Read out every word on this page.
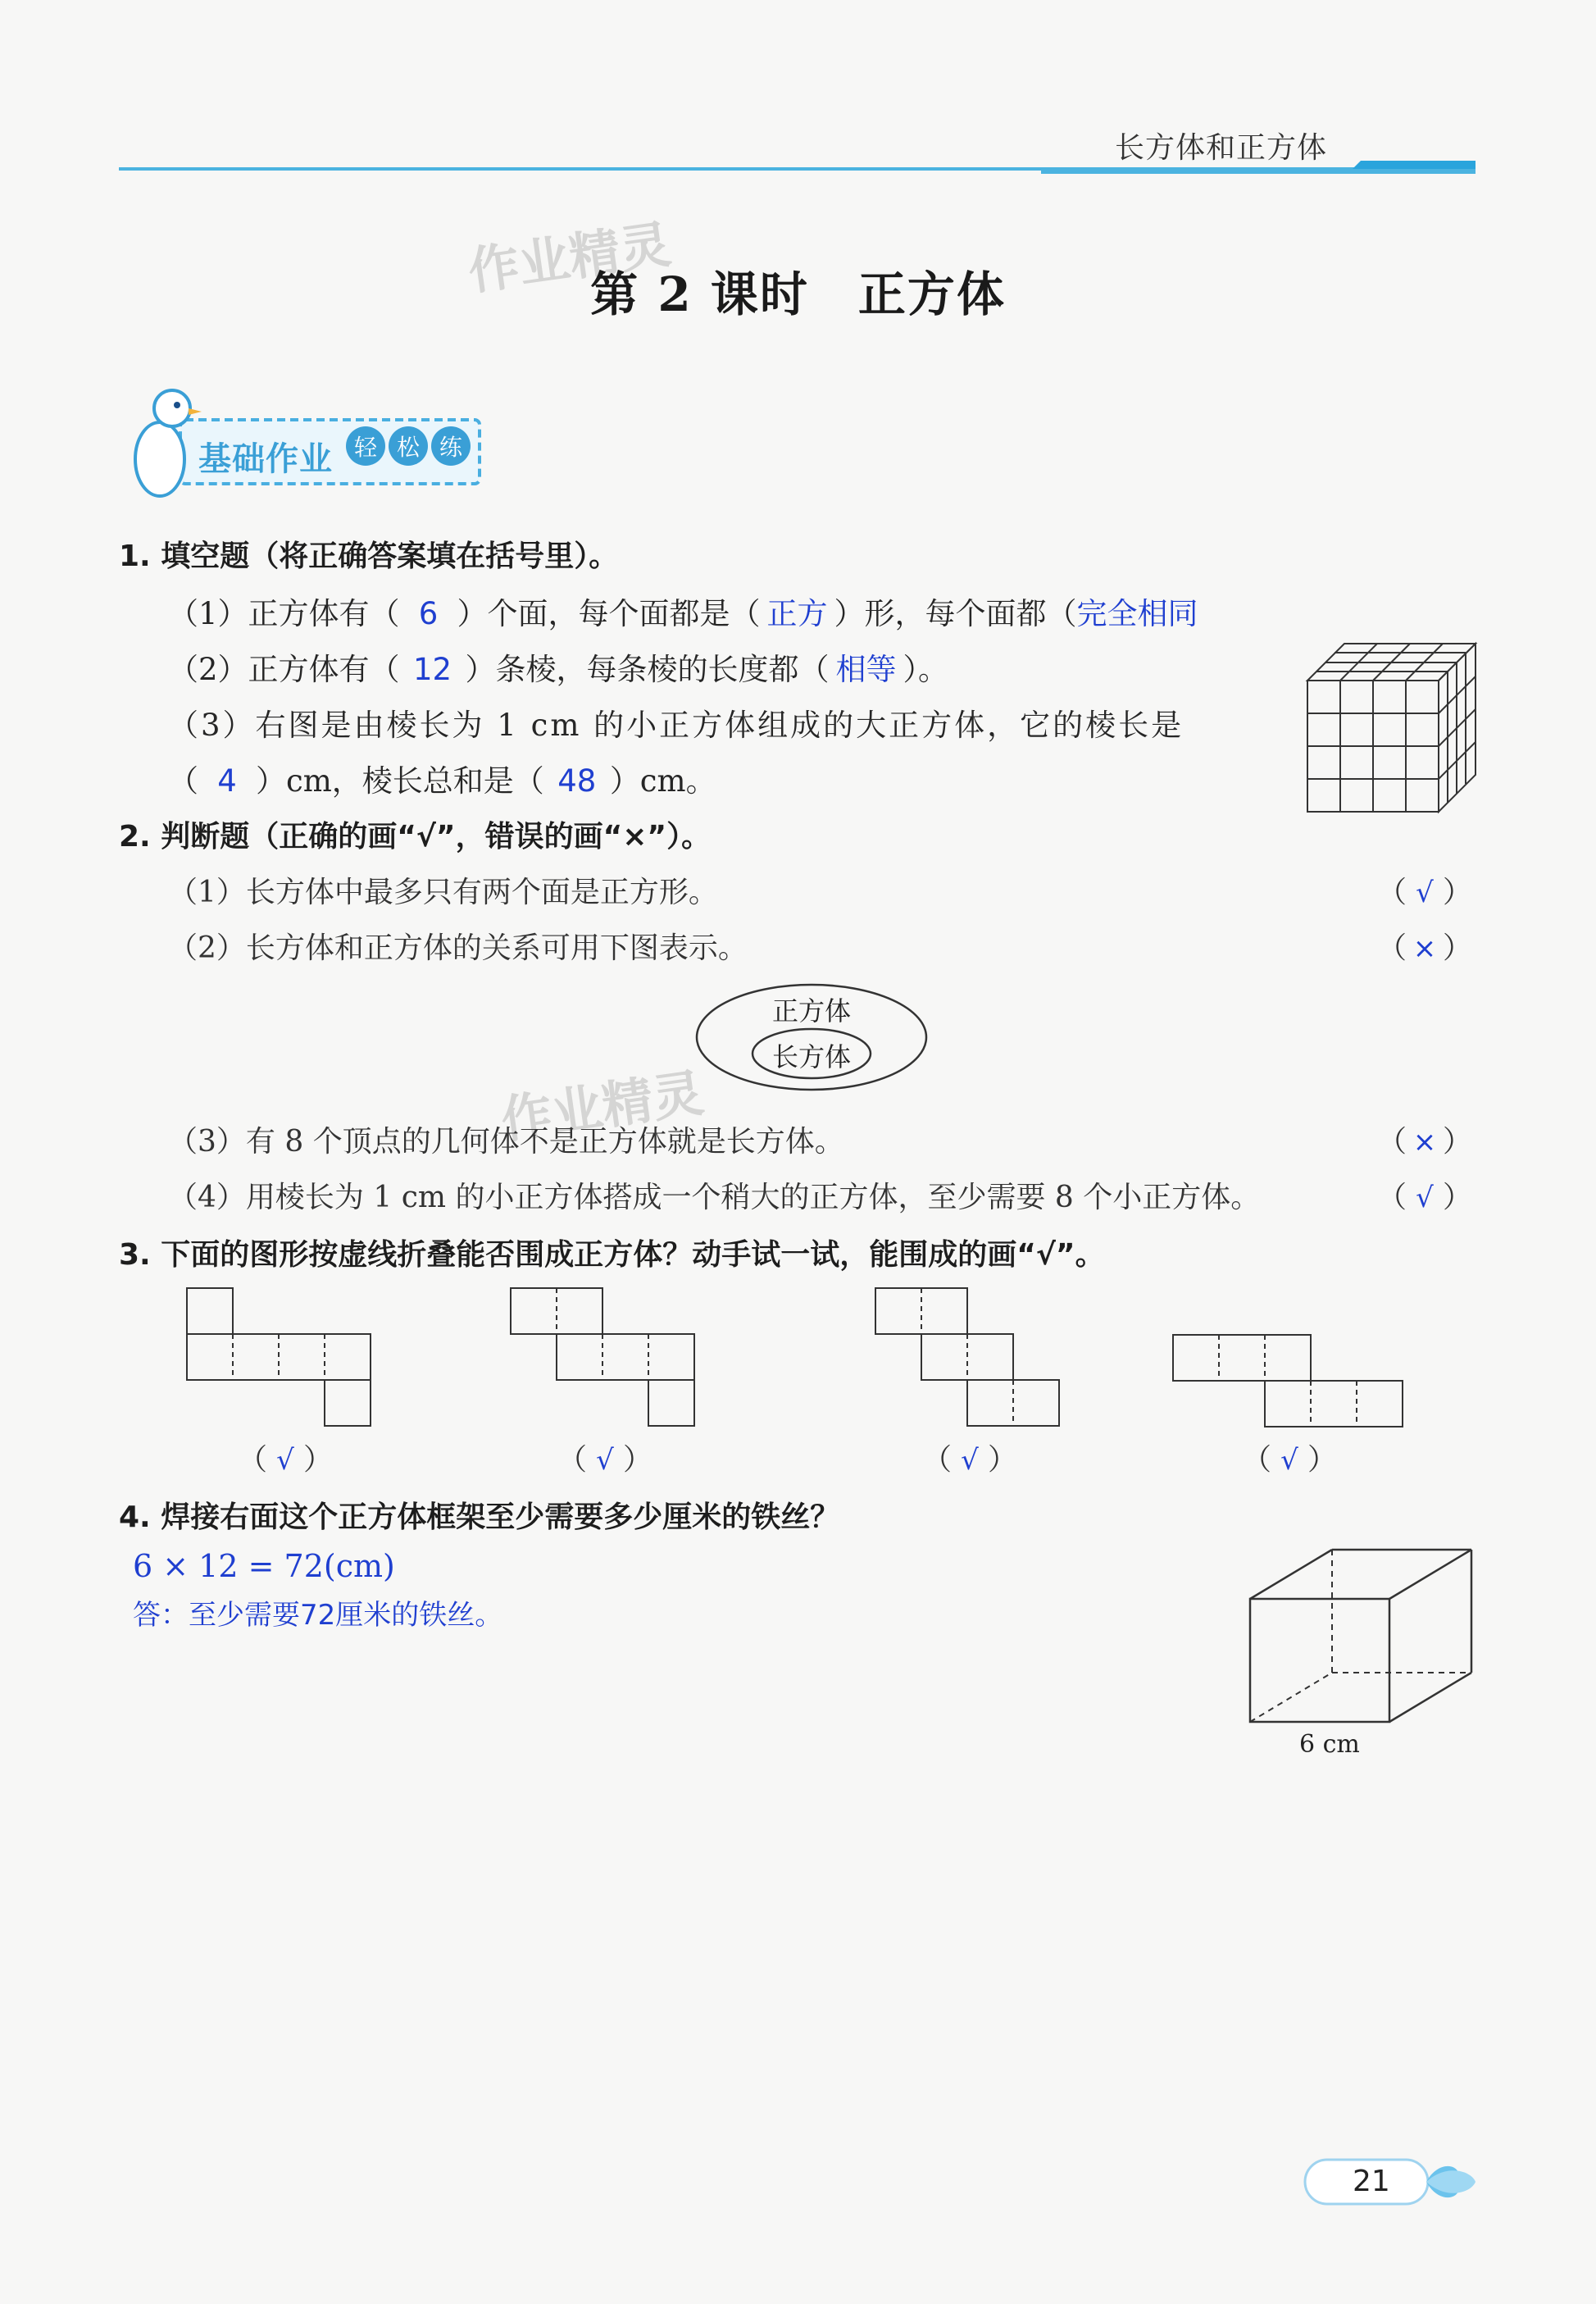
长方体和正方体
作业精灵
作业精灵
第 2 课时　正方体
基础作业 轻 松 练
1. 填空题（将正确答案填在括号里）。
（1）正方体有（ 6 ）个面，每个面都是（ 正方 ）形，每个面都（完全相同
（2）正方体有（ 12 ）条棱，每条棱的长度都（ 相等 ）。
（3）右图是由棱长为 1 cm 的小正方体组成的大正方体，它的棱长是
（ 4 ）cm，棱长总和是（ 48 ）cm。
2. 判断题（正确的画“√”，错误的画“×”）。
（1）长方体中最多只有两个面是正方形。	（ √ ）
（2）长方体和正方体的关系可用下图表示。	（ × ）
正方体
长方体
（3）有 8 个顶点的几何体不是正方体就是长方体。	（ × ）
（4）用棱长为 1 cm 的小正方体搭成一个稍大的正方体，至少需要 8 个小正方体。	（ √ ）
3. 下面的图形按虚线折叠能否围成正方体？动手试一试，能围成的画“√”。
（ √ ）	（ √ ）	（ √ ）	（ √ ）
4. 焊接右面这个正方体框架至少需要多少厘米的铁丝？
6 × 12 = 72(cm)
答：至少需要72厘米的铁丝。
6 cm
21
